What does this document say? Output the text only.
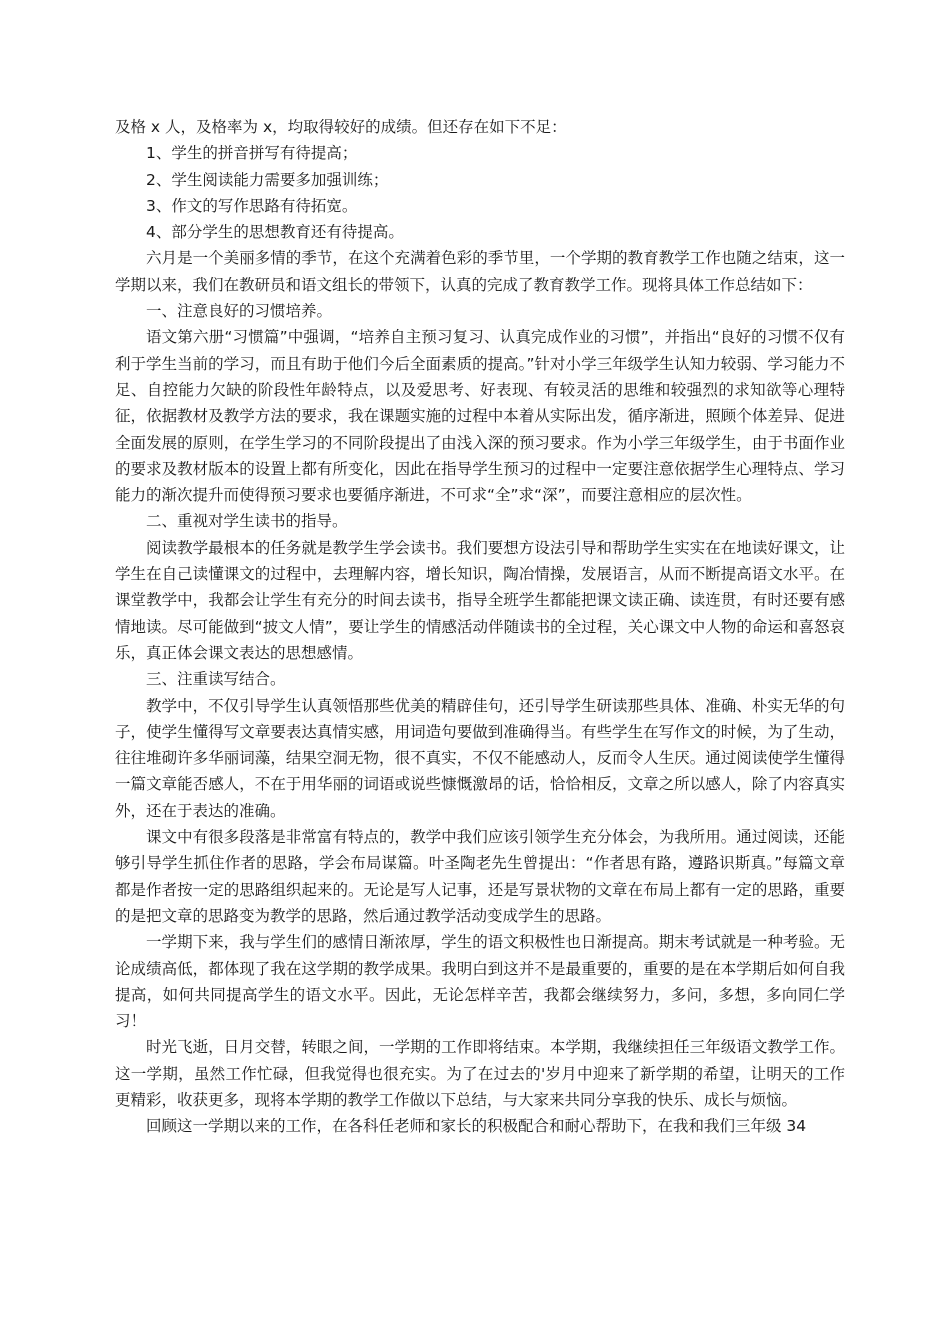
及格 x 人，及格率为 x，均取得较好的成绩。但还存在如下不足：

1、学生的拼音拼写有待提高；

2、学生阅读能力需要多加强训练；

3、作文的写作思路有待拓宽。

4、部分学生的思想教育还有待提高。

六月是一个美丽多情的季节，在这个充满着色彩的季节里，一个学期的教育教学工作也随之结束，这一学期以来，我们在教研员和语文组长的带领下，认真的完成了教育教学工作。现将具体工作总结如下：

一、注意良好的习惯培养。

语文第六册“习惯篇”中强调，“培养自主预习复习、认真完成作业的习惯”，并指出“良好的习惯不仅有利于学生当前的学习，而且有助于他们今后全面素质的提高。”针对小学三年级学生认知力较弱、学习能力不足、自控能力欠缺的阶段性年龄特点，以及爱思考、好表现、有较灵活的思维和较强烈的求知欲等心理特征，依据教材及教学方法的要求，我在课题实施的过程中本着从实际出发，循序渐进，照顾个体差异、促进全面发展的原则，在学生学习的不同阶段提出了由浅入深的预习要求。作为小学三年级学生，由于书面作业的要求及教材版本的设置上都有所变化，因此在指导学生预习的过程中一定要注意依据学生心理特点、学习能力的渐次提升而使得预习要求也要循序渐进，不可求“全”求“深”，而要注意相应的层次性。

二、重视对学生读书的指导。

阅读教学最根本的任务就是教学生学会读书。我们要想方设法引导和帮助学生实实在在地读好课文，让学生在自己读懂课文的过程中，去理解内容，增长知识，陶冶情操，发展语言，从而不断提高语文水平。在课堂教学中，我都会让学生有充分的时间去读书，指导全班学生都能把课文读正确、读连贯，有时还要有感情地读。尽可能做到“披文人情”，要让学生的情感活动伴随读书的全过程，关心课文中人物的命运和喜怒哀乐，真正体会课文表达的思想感情。

三、注重读写结合。

教学中，不仅引导学生认真领悟那些优美的精辟佳句，还引导学生研读那些具体、准确、朴实无华的句子，使学生懂得写文章要表达真情实感，用词造句要做到准确得当。有些学生在写作文的时候，为了生动，往往堆砌许多华丽词藻，结果空洞无物，很不真实，不仅不能感动人，反而令人生厌。通过阅读使学生懂得一篇文章能否感人，不在于用华丽的词语或说些慷慨激昂的话，恰恰相反，文章之所以感人，除了内容真实外，还在于表达的准确。

课文中有很多段落是非常富有特点的，教学中我们应该引领学生充分体会，为我所用。通过阅读，还能够引导学生抓住作者的思路，学会布局谋篇。叶圣陶老先生曾提出：“作者思有路，遵路识斯真。”每篇文章都是作者按一定的思路组织起来的。无论是写人记事，还是写景状物的文章在布局上都有一定的思路，重要的是把文章的思路变为教学的思路，然后通过教学活动变成学生的思路。

一学期下来，我与学生们的感情日渐浓厚，学生的语文积极性也日渐提高。期末考试就是一种考验。无论成绩高低，都体现了我在这学期的教学成果。我明白到这并不是最重要的，重要的是在本学期后如何自我提高，如何共同提高学生的语文水平。因此，无论怎样辛苦，我都会继续努力，多问，多想，多向同仁学习！

时光飞逝，日月交替，转眼之间，一学期的工作即将结束。本学期，我继续担任三年级语文教学工作。这一学期，虽然工作忙碌，但我觉得也很充实。为了在过去的'岁月中迎来了新学期的希望，让明天的工作更精彩，收获更多，现将本学期的教学工作做以下总结，与大家来共同分享我的快乐、成长与烦恼。

回顾这一学期以来的工作，在各科任老师和家长的积极配合和耐心帮助下，在我和我们三年级 34
